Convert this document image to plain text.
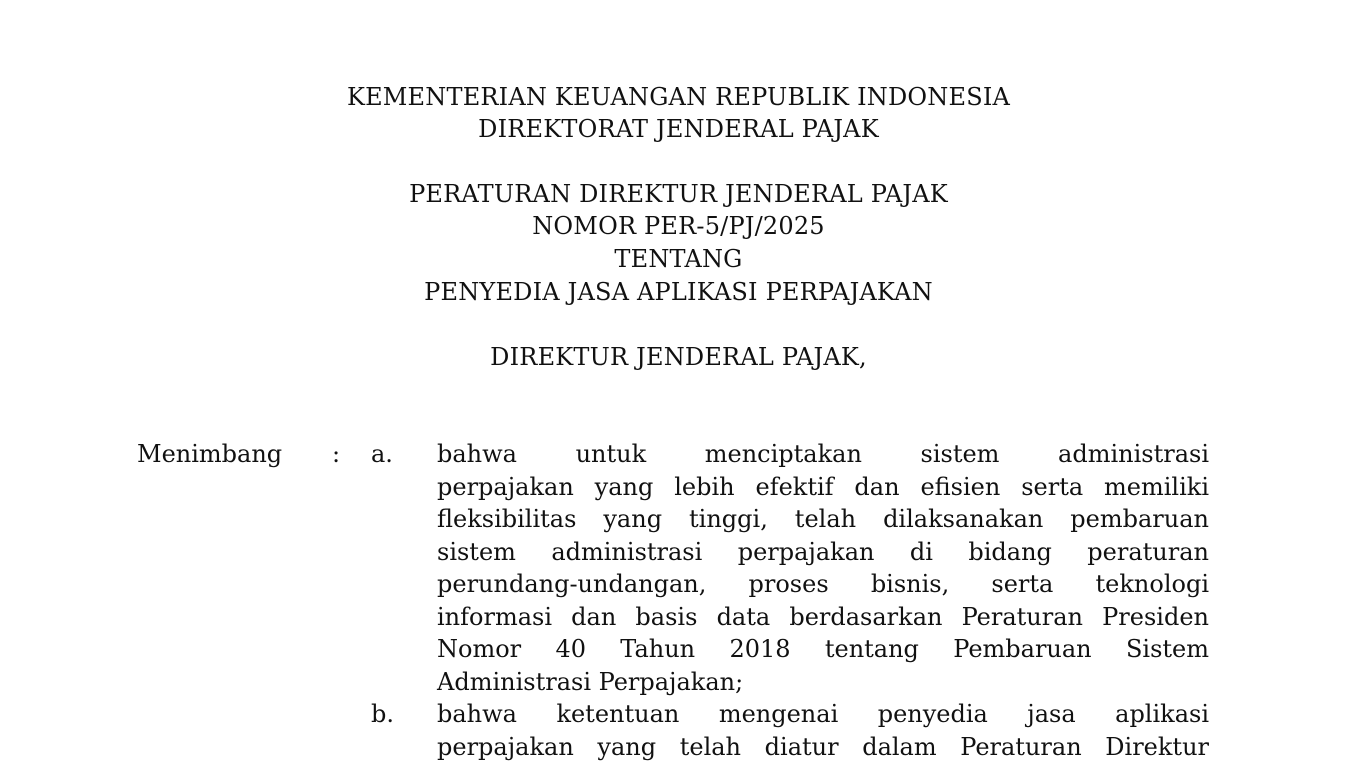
KEMENTERIAN KEUANGAN REPUBLIK INDONESIA
DIREKTORAT JENDERAL PAJAK
PERATURAN DIREKTUR JENDERAL PAJAK
NOMOR PER-5/PJ/2025
TENTANG
PENYEDIA JASA APLIKASI PERPAJAKAN
DIREKTUR JENDERAL PAJAK,
Menimbang : a. bahwa untuk menciptakan sistem administrasi
perpajakan yang lebih efektif dan efisien serta memiliki
fleksibilitas yang tinggi, telah dilaksanakan pembaruan
sistem administrasi perpajakan di bidang peraturan
perundang-undangan, proses bisnis, serta teknologi
informasi dan basis data berdasarkan Peraturan Presiden
Nomor 40 Tahun 2018 tentang Pembaruan Sistem
Administrasi Perpajakan;
b. bahwa ketentuan mengenai penyedia jasa aplikasi
perpajakan yang telah diatur dalam Peraturan Direktur
